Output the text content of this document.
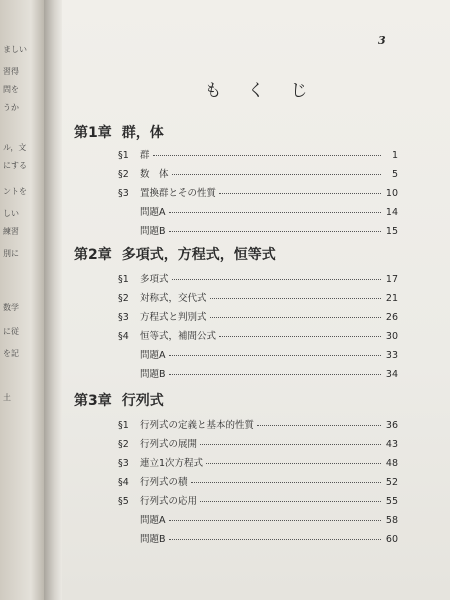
ましい
習得
問を
うか
ル，文
にする
ントを
しい
練習
別に
数学
に従
を記
土
3
もくじ
第1章 群，体
§1	群	1
§2	数　体	5
§3	置換群とその性質	10
問題A	14
問題B	15
第2章 多項式，方程式，恒等式
§1	多項式	17
§2	対称式，交代式	21
§3	方程式と判別式	26
§4	恒等式，補間公式	30
問題A	33
問題B	34
第3章 行列式
§1	行列式の定義と基本的性質	36
§2	行列式の展開	43
§3	連立1次方程式	48
§4	行列式の積	52
§5	行列式の応用	55
問題A	58
問題B	60
